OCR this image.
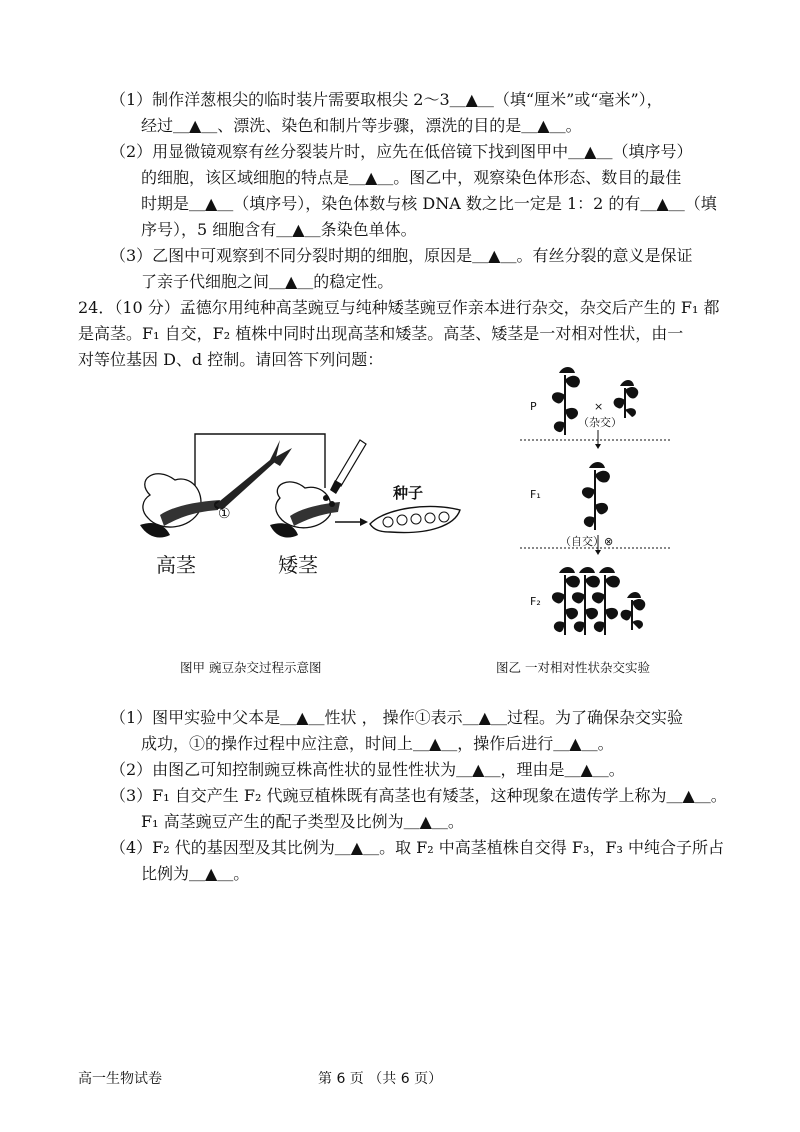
（1）制作洋葱根尖的临时装片需要取根尖 2～3＿▲＿（填“厘米”或“毫米”），
经过＿▲＿、漂洗、染色和制片等步骤，漂洗的目的是＿▲＿。
（2）用显微镜观察有丝分裂装片时，应先在低倍镜下找到图甲中＿▲＿（填序号）
的细胞，该区域细胞的特点是＿▲＿。图乙中，观察染色体形态、数目的最佳
时期是＿▲＿（填序号），染色体数与核 DNA 数之比一定是 1：2 的有＿▲＿（填
序号），5 细胞含有＿▲＿条染色单体。
（3）乙图中可观察到不同分裂时期的细胞，原因是＿▲＿。有丝分裂的意义是保证
了亲子代细胞之间＿▲＿的稳定性。
24．（10 分）孟德尔用纯种高茎豌豆与纯种矮茎豌豆作亲本进行杂交，杂交后产生的 F₁ 都
是高茎。F₁ 自交，F₂ 植株中同时出现高茎和矮茎。高茎、矮茎是一对相对性状，由一
对等位基因 D、d 控制。请回答下列问题：
①
种子
高茎	矮茎
图甲 豌豆杂交过程示意图
P	×
（杂交）
F₁
（自交） ⊗
F₂
图乙 一对相对性状杂交实验
（1）图甲实验中父本是＿▲＿性状 ， 操作①表示＿▲＿过程。为了确保杂交实验
成功，①的操作过程中应注意，时间上＿▲＿，操作后进行＿▲＿。
（2）由图乙可知控制豌豆株高性状的显性性状为＿▲＿，理由是＿▲＿。
（3）F₁ 自交产生 F₂ 代豌豆植株既有高茎也有矮茎，这种现象在遗传学上称为＿▲＿。
F₁ 高茎豌豆产生的配子类型及比例为＿▲＿。
（4）F₂ 代的基因型及其比例为＿▲＿。取 F₂ 中高茎植株自交得 F₃，F₃ 中纯合子所占
比例为＿▲＿。
高一生物试卷	第 6 页 （共 6 页）
